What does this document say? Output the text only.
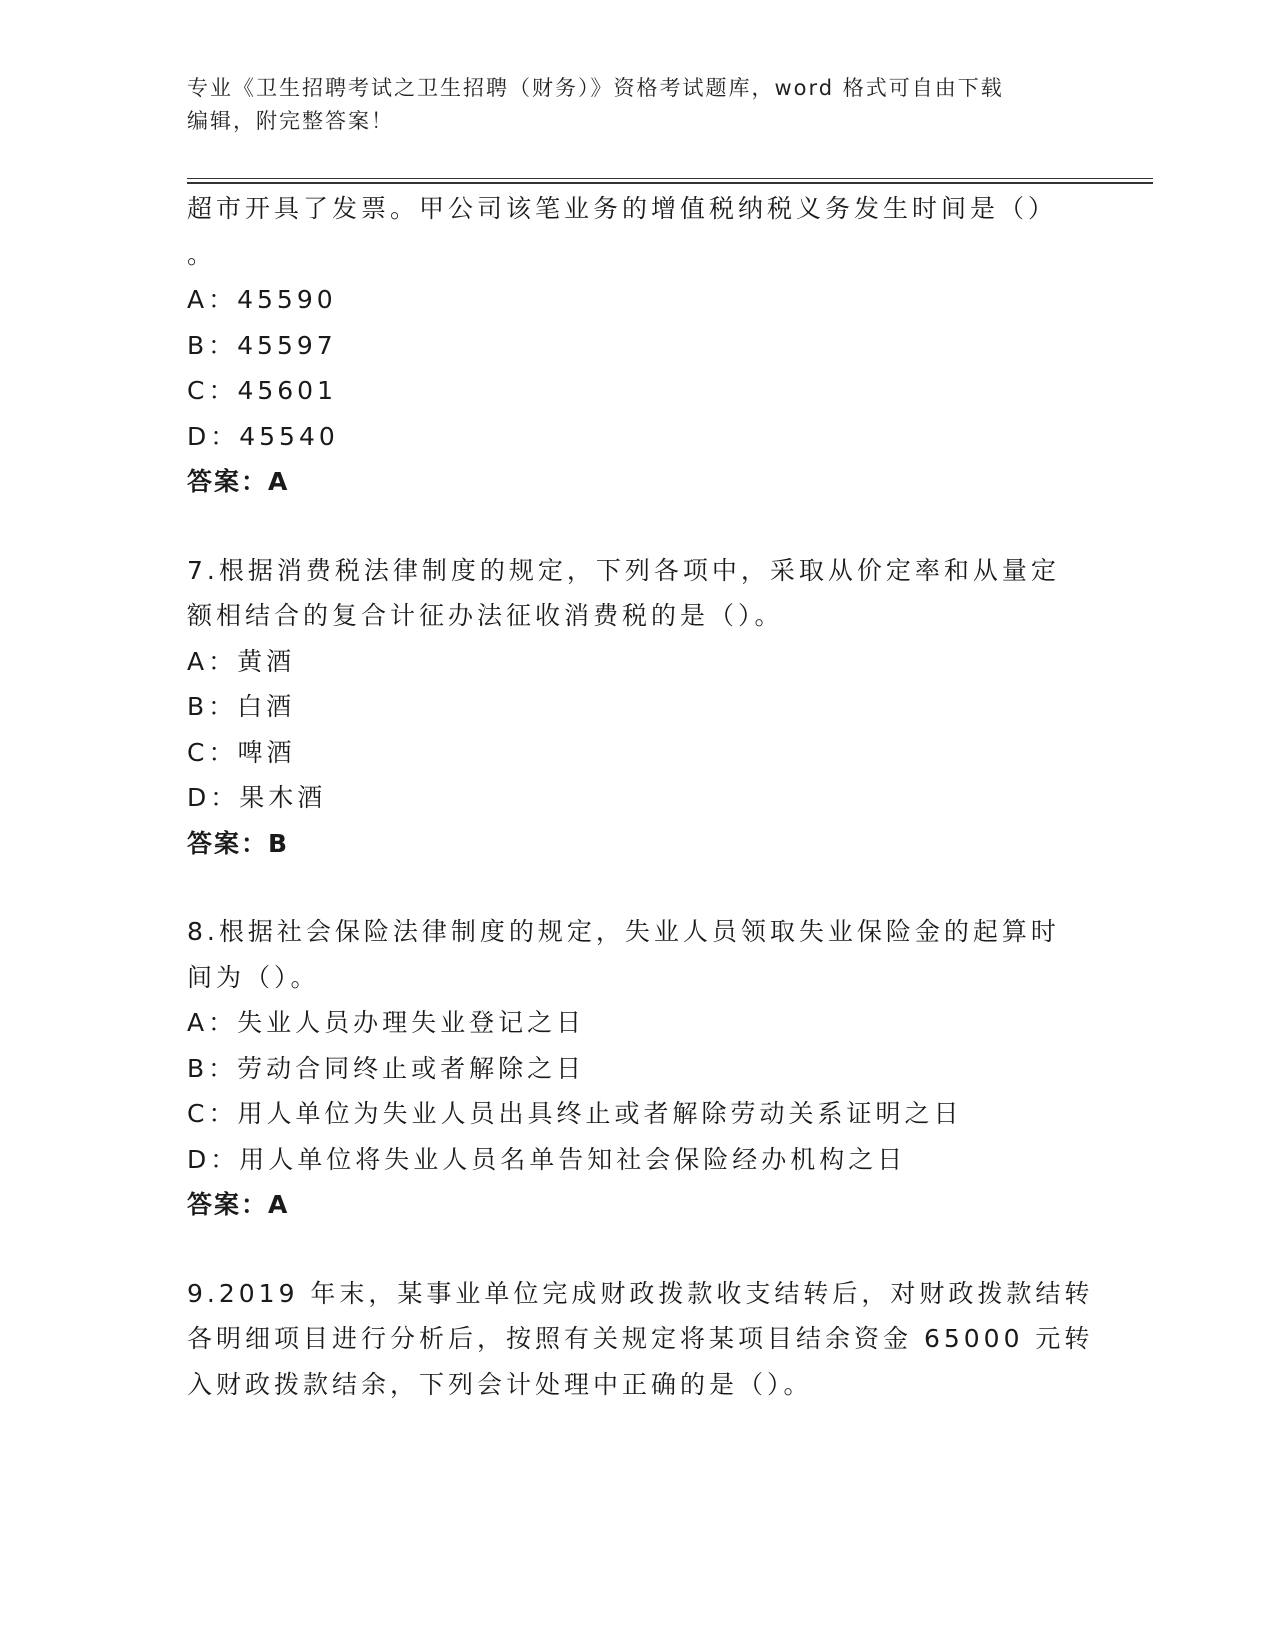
专业《卫生招聘考试之卫生招聘（财务）》资格考试题库，word 格式可自由下载
编辑，附完整答案！
超市开具了发票。甲公司该笔业务的增值税纳税义务发生时间是（）
。
A：45590
B：45597
C：45601
D：45540
答案：A
7.根据消费税法律制度的规定，下列各项中，采取从价定率和从量定
额相结合的复合计征办法征收消费税的是（）。
A：黄酒
B：白酒
C：啤酒
D：果木酒
答案：B
8.根据社会保险法律制度的规定，失业人员领取失业保险金的起算时
间为（）。
A：失业人员办理失业登记之日
B：劳动合同终止或者解除之日
C：用人单位为失业人员出具终止或者解除劳动关系证明之日
D：用人单位将失业人员名单告知社会保险经办机构之日
答案：A
9.2019 年末，某事业单位完成财政拨款收支结转后，对财政拨款结转
各明细项目进行分析后，按照有关规定将某项目结余资金 65000 元转
入财政拨款结余，下列会计处理中正确的是（）。
